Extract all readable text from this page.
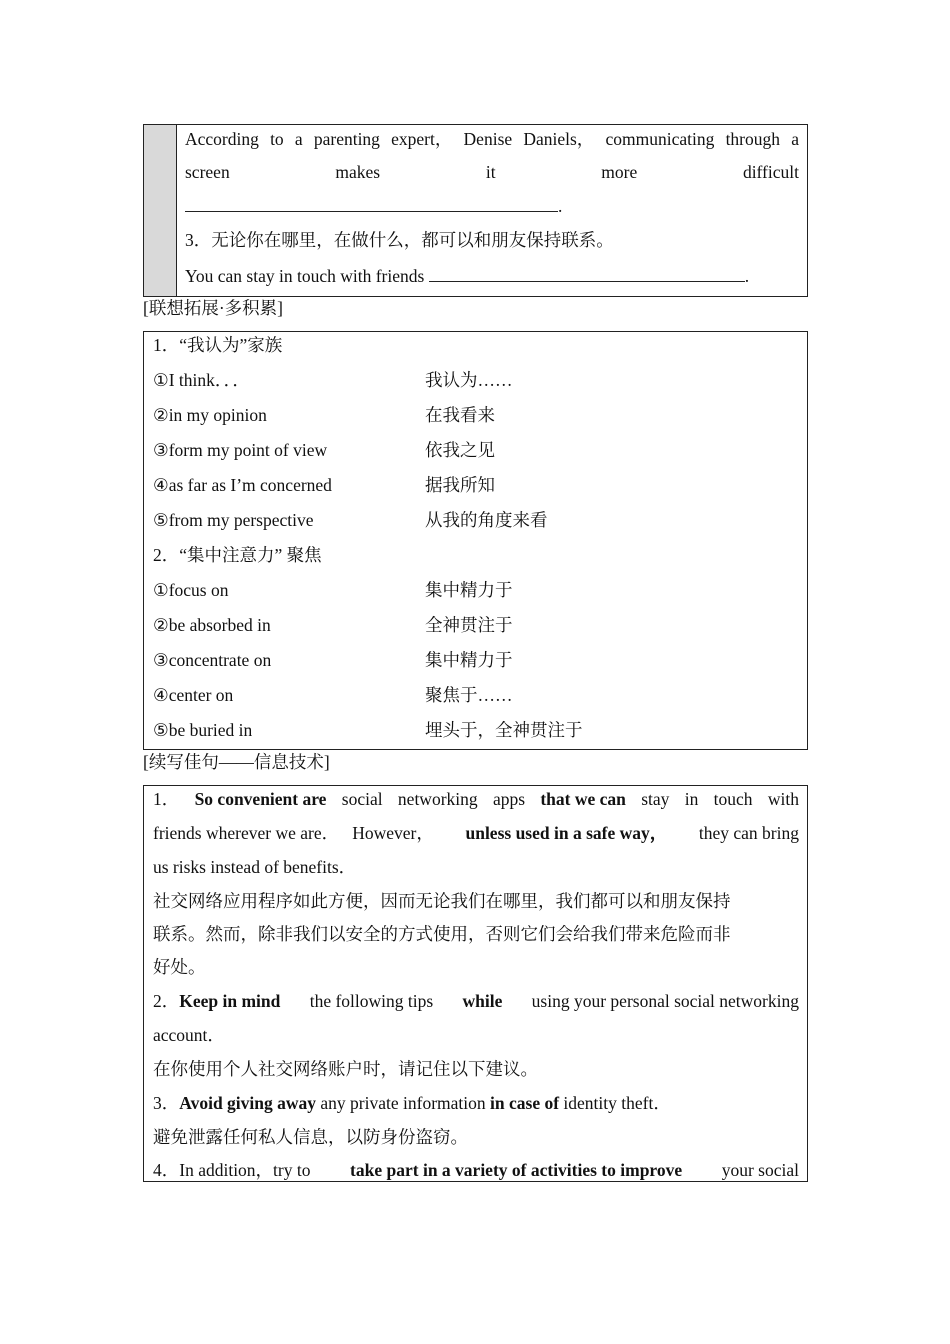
According to a parenting expert， Denise Daniels， communicating through a
screen	makes	it	more	difficult
.
3．无论你在哪里，在做什么，都可以和朋友保持联系。
You can stay in touch with friends	.
[联想拓展·多积累]
1．“我认为”家族
①I think．．．	我认为……
②in my opinion	在我看来
③form my point of view	依我之见
④as far as I’m concerned	据我所知
⑤from my perspective	从我的角度来看
2．“集中注意力” 聚焦
①focus on	集中精力于
②be absorbed in	全神贯注于
③concentrate on	集中精力于
④center on	聚焦于……
⑤be buried in	埋头于，全神贯注于
[续写佳句——信息技术]
1． So convenient are social networking apps that we can stay in touch with
friends wherever we are．   However， unless used in a safe way， they can bring
us risks instead of benefits．
社交网络应用程序如此方便，因而无论我们在哪里，我们都可以和朋友保持
联系。然而，除非我们以安全的方式使用，否则它们会给我们带来危险而非
好处。
2．Keep in mind the following tips while using your personal social networking
account．
在你使用个人社交网络账户时，请记住以下建议。
3．Avoid giving away any private information in case of identity theft．
避免泄露任何私人信息，以防身份盗窃。
4．In addition，try to take part in a variety of activities to improve your social
